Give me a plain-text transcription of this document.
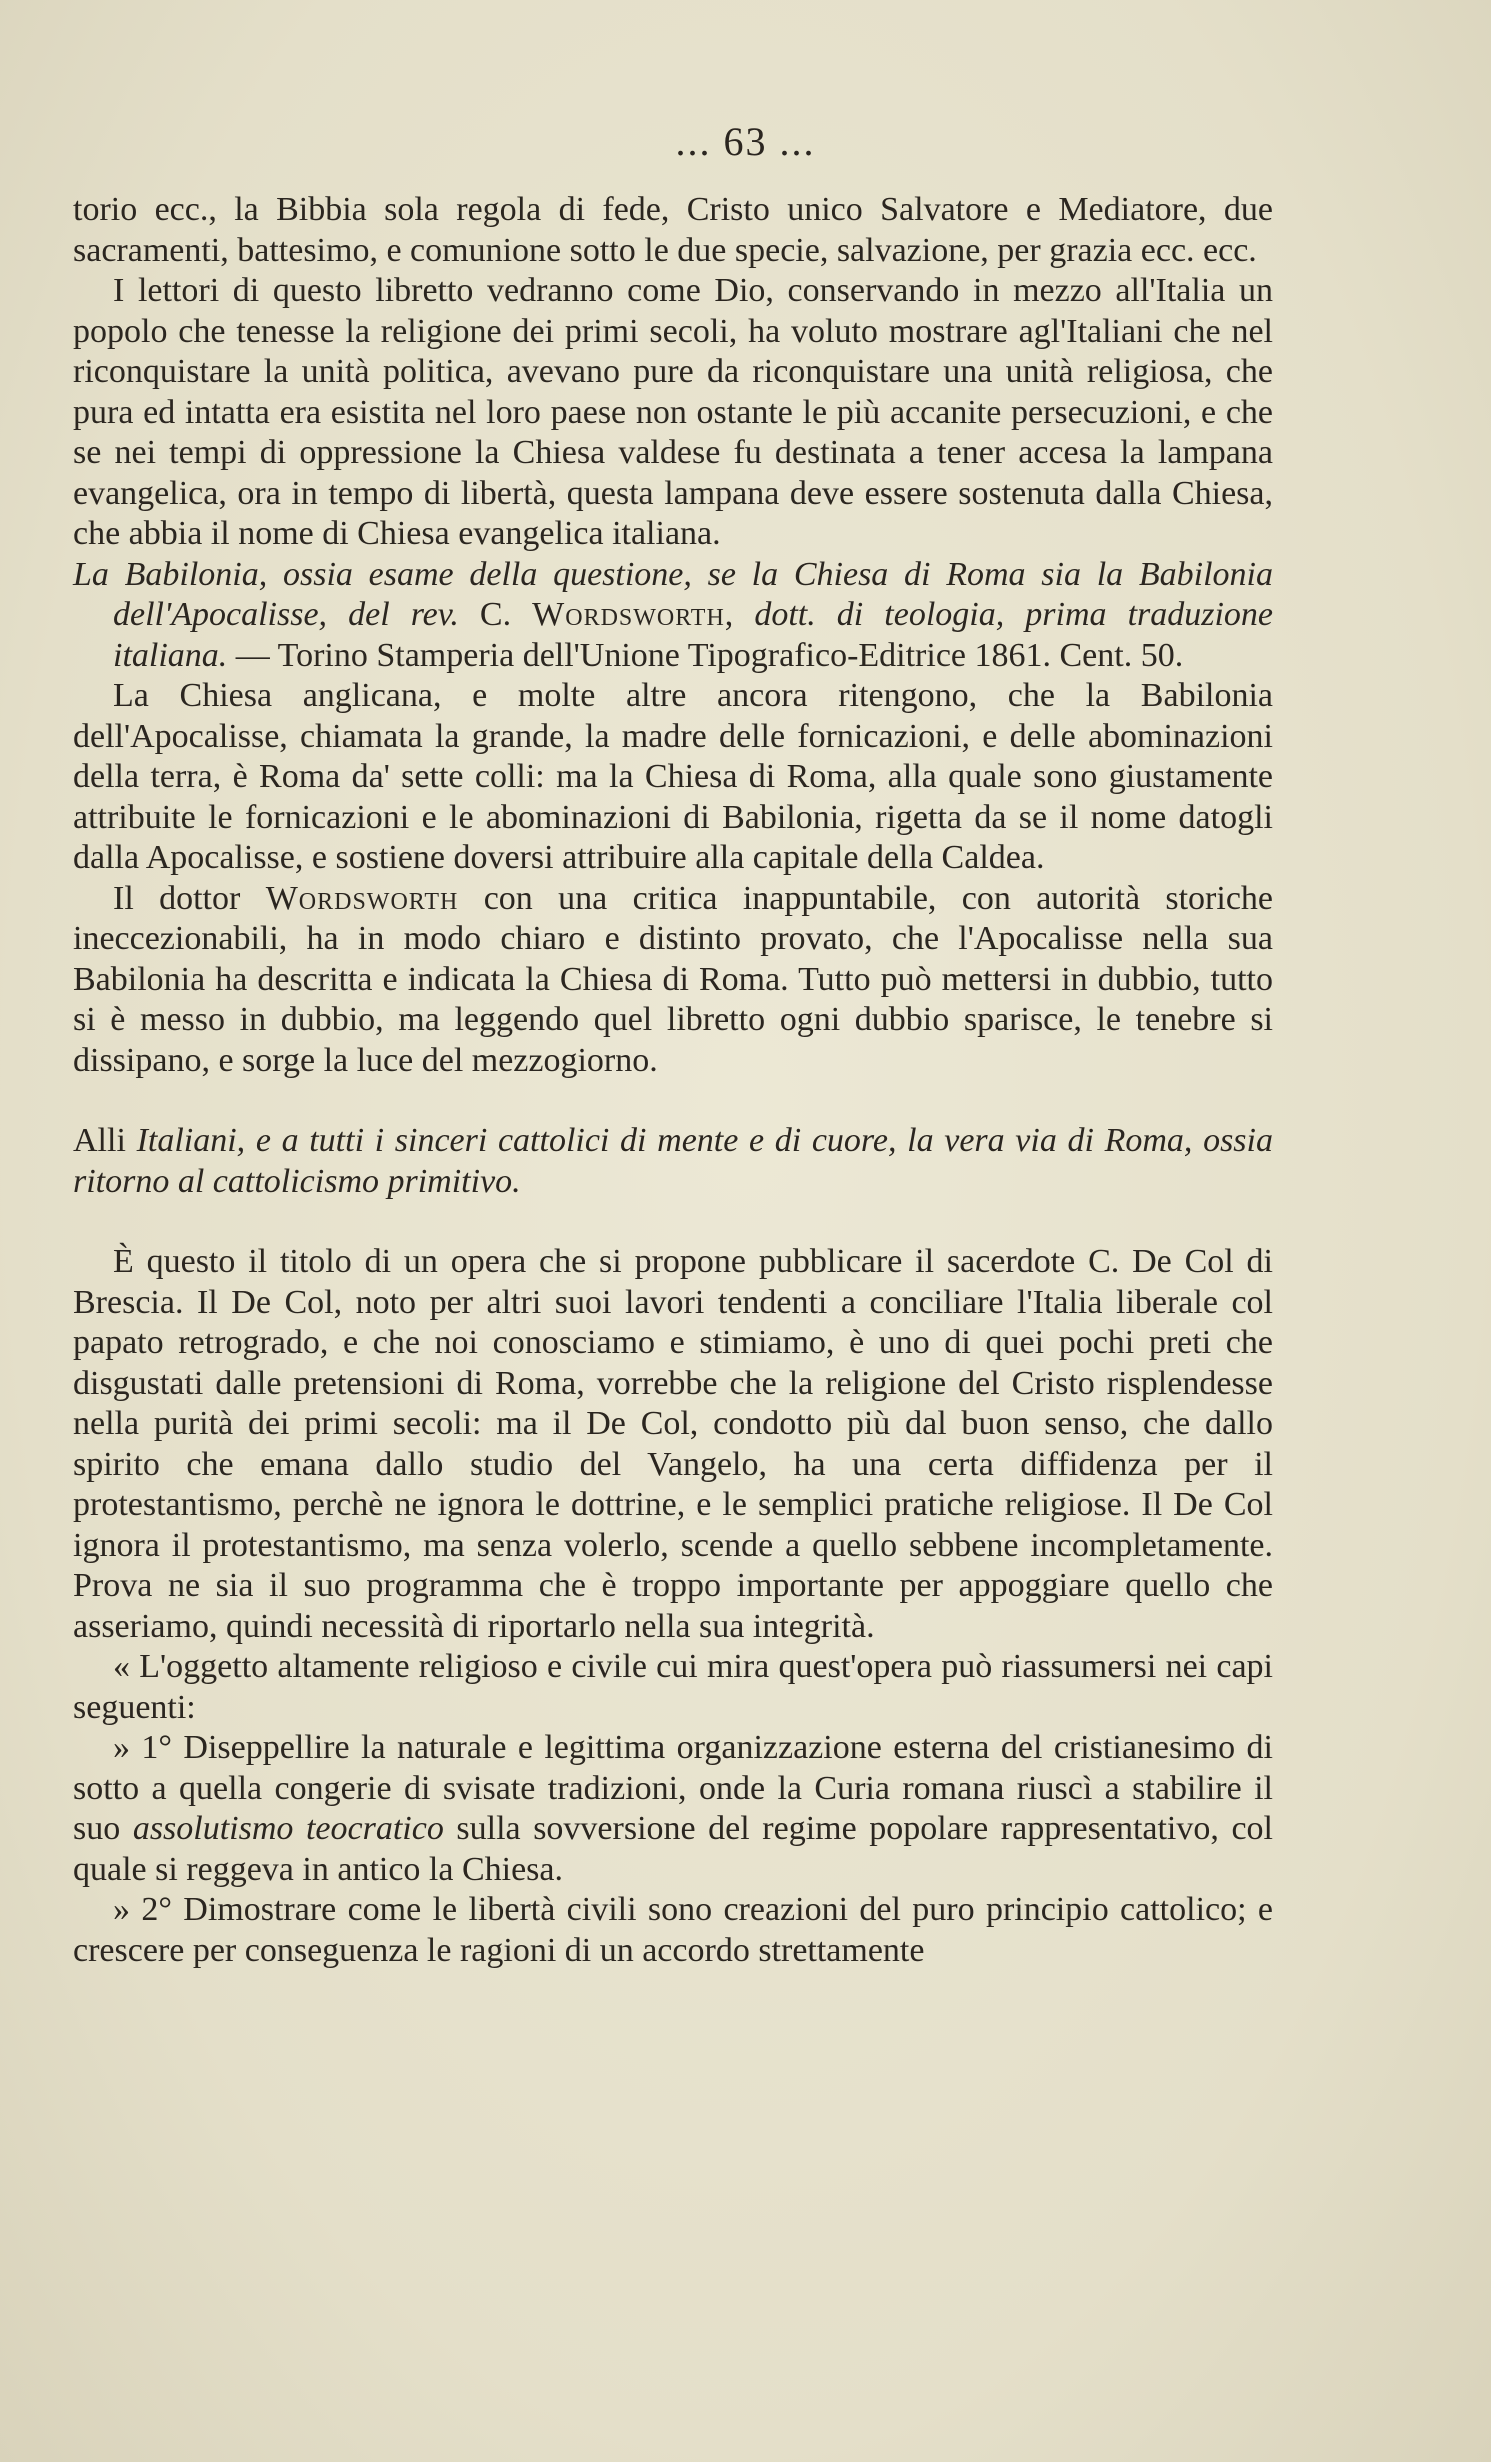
... 63 ...

torio ecc., la Bibbia sola regola di fede, Cristo unico Salvatore e Mediatore, due sacramenti, battesimo, e comunione sotto le due specie, salvazione, per grazia ecc. ecc.

I lettori di questo libretto vedranno come Dio, conservando in mezzo all'Italia un popolo che tenesse la religione dei primi secoli, ha voluto mostrare agl'Italiani che nel riconquistare la unità politica, avevano pure da riconquistare una unità religiosa, che pura ed intatta era esistita nel loro paese non ostante le più accanite persecuzioni, e che se nei tempi di oppressione la Chiesa valdese fu destinata a tener accesa la lampana evangelica, ora in tempo di libertà, questa lampana deve essere sostenuta dalla Chiesa, che abbia il nome di Chiesa evangelica italiana.

La Babilonia, ossia esame della questione, se la Chiesa di Roma sia la Babilonia dell'Apocalisse, del rev. C. Wordsworth, dott. di teologia, prima traduzione italiana. — Torino Stamperia dell'Unione Tipografico-Editrice 1861. Cent. 50.

La Chiesa anglicana, e molte altre ancora ritengono, che la Babilonia dell'Apocalisse, chiamata la grande, la madre delle fornicazioni, e delle abominazioni della terra, è Roma da' sette colli: ma la Chiesa di Roma, alla quale sono giustamente attribuite le fornicazioni e le abominazioni di Babilonia, rigetta da se il nome datogli dalla Apocalisse, e sostiene doversi attribuire alla capitale della Caldea.

Il dottor Wordsworth con una critica inappuntabile, con autorità storiche ineccezionabili, ha in modo chiaro e distinto provato, che l'Apocalisse nella sua Babilonia ha descritta e indicata la Chiesa di Roma. Tutto può mettersi in dubbio, tutto si è messo in dubbio, ma leggendo quel libretto ogni dubbio sparisce, le tenebre si dissipano, e sorge la luce del mezzogiorno.

Alli Italiani, e a tutti i sinceri cattolici di mente e di cuore, la vera via di Roma, ossia ritorno al cattolicismo primitivo.

È questo il titolo di un opera che si propone pubblicare il sacerdote C. De Col di Brescia. Il De Col, noto per altri suoi lavori tendenti a conciliare l'Italia liberale col papato retrogrado, e che noi conosciamo e stimiamo, è uno di quei pochi preti che disgustati dalle pretensioni di Roma, vorrebbe che la religione del Cristo risplendesse nella purità dei primi secoli: ma il De Col, condotto più dal buon senso, che dallo spirito che emana dallo studio del Vangelo, ha una certa diffidenza per il protestantismo, perchè ne ignora le dottrine, e le semplici pratiche religiose. Il De Col ignora il protestantismo, ma senza volerlo, scende a quello sebbene incompletamente. Prova ne sia il suo programma che è troppo importante per appoggiare quello che asseriamo, quindi necessità di riportarlo nella sua integrità.

« L'oggetto altamente religioso e civile cui mira quest'opera può riassumersi nei capi seguenti:

» 1° Diseppellire la naturale e legittima organizzazione esterna del cristianesimo di sotto a quella congerie di svisate tradizioni, onde la Curia romana riuscì a stabilire il suo assolutismo teocratico sulla sovversione del regime popolare rappresentativo, col quale si reggeva in antico la Chiesa.

» 2° Dimostrare come le libertà civili sono creazioni del puro principio cattolico; e crescere per conseguenza le ragioni di un accordo strettamente
